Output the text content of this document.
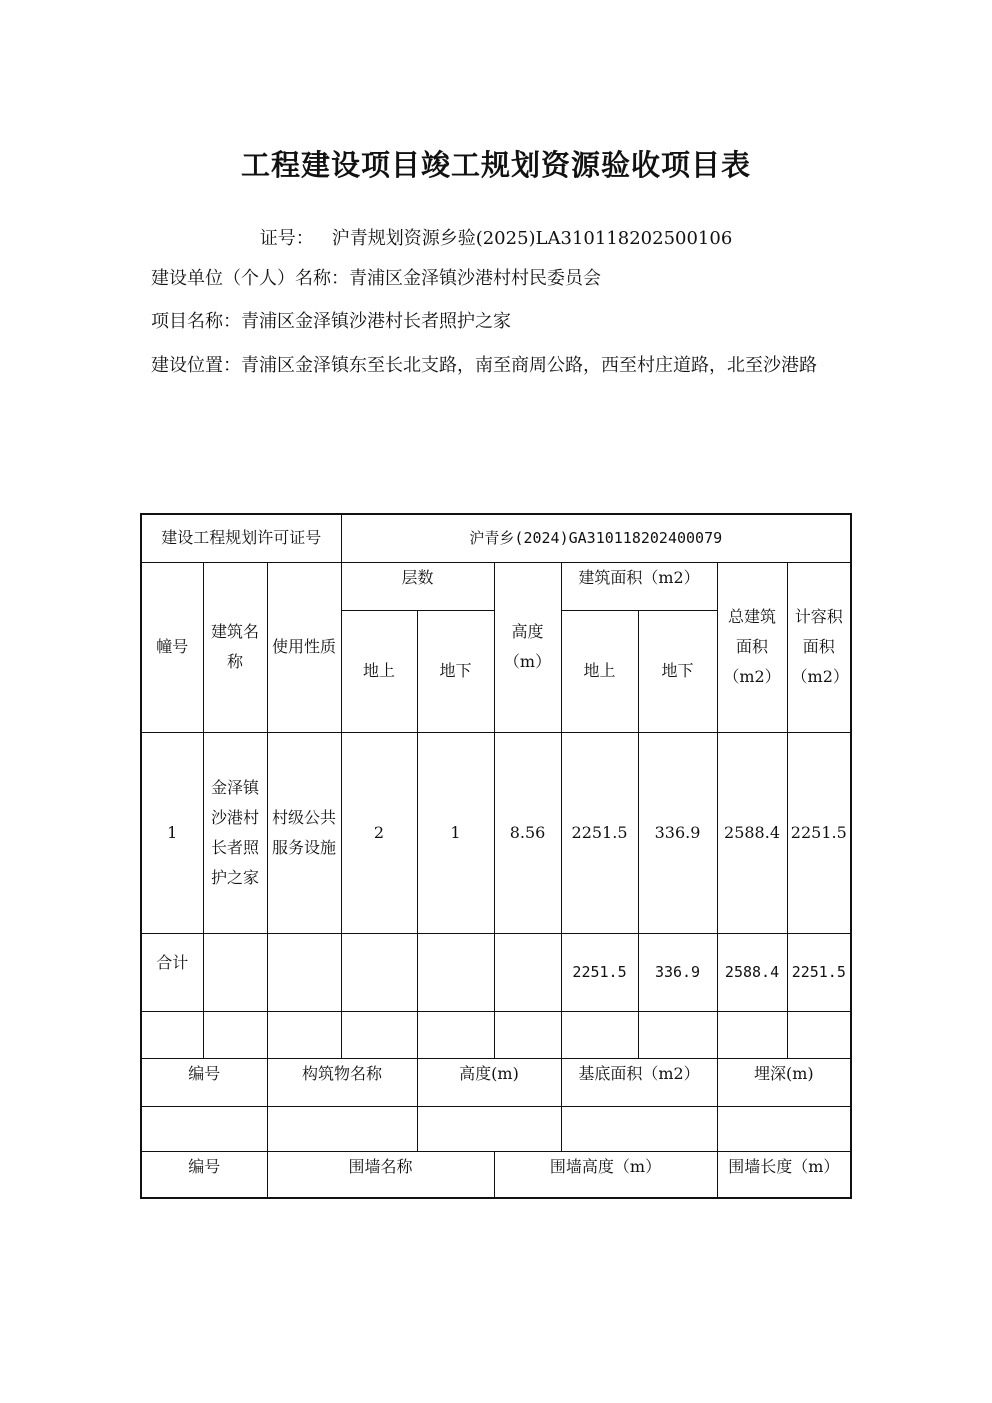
工程建设项目竣工规划资源验收项目表
证号： 沪青规划资源乡验(2025)LA310118202500106
建设单位（个人）名称：青浦区金泽镇沙港村村民委员会
项目名称：青浦区金泽镇沙港村长者照护之家
建设位置：青浦区金泽镇东至长北支路，南至商周公路，西至村庄道路，北至沙港路
建设工程规划许可证号			沪青乡(2024)GA310118202400079						
幢号	建筑名称	使用性质	层数		高度（m）	建筑面积（m2）		总建筑面积（m2）	计容积面积（m2）
			地上	地下		地上	地下		
1	金泽镇沙港村长者照护之家	村级公共服务设施	2	1	8.56	2251.5	336.9	2588.4	2251.5
合计						2251.5	336.9	2588.4	2251.5

编号		构筑物名称		高度(m)		基底面积（m2）		埋深(m)	

编号		围墙名称			围墙高度（m）			围墙长度（m）	
